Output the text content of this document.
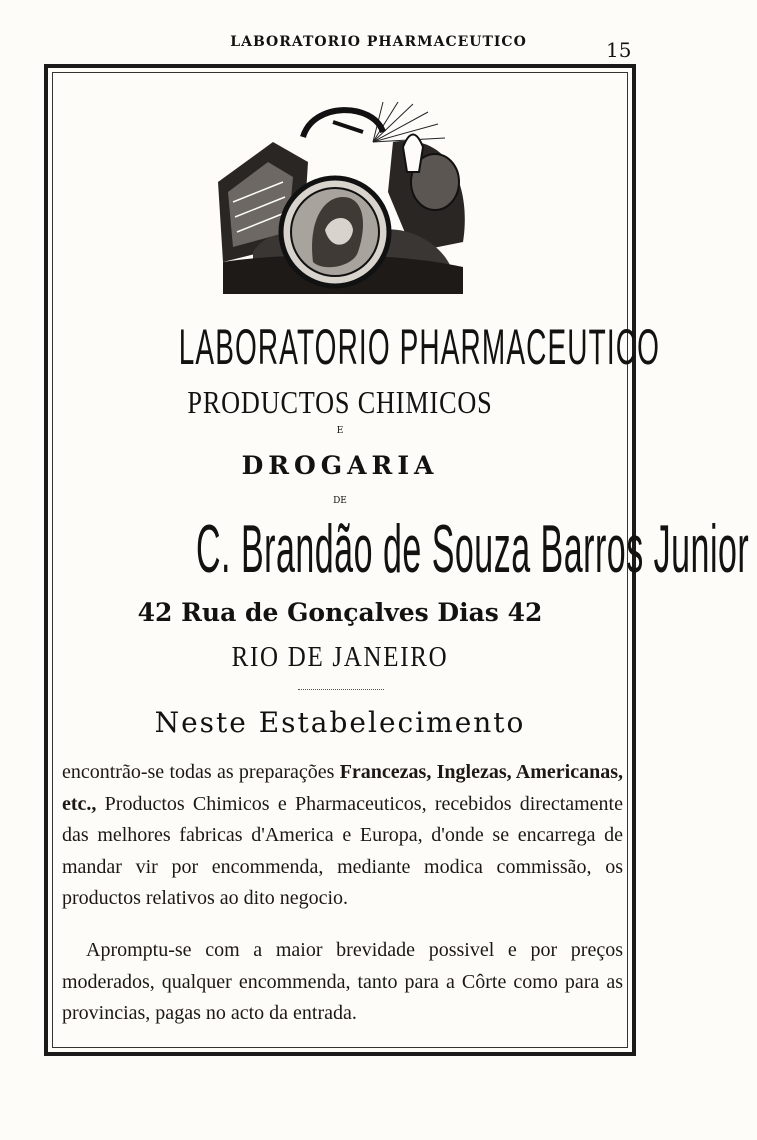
LABORATORIO PHARMACEUTICO	15
LABORATORIO PHARMACEUTICO
PRODUCTOS CHIMICOS
E
DROGARIA
DE
C. Brandão de Souza Barros Junior
42 Rua de Gonçalves Dias 42
RIO DE JANEIRO
Neste Estabelecimento
encontrão-se todas as preparações Francezas, Inglezas, Americanas, etc., Productos Chimicos e Pharmaceuticos, recebidos directamente das melhores fabricas d'America e Europa, d'onde se encarrega de mandar vir por encommenda, mediante modica commissão, os productos relativos ao dito negocio.
Apromptu-se com a maior brevidade possivel e por preços moderados, qualquer encommenda, tanto para a Côrte como para as provincias, pagas no acto da entrada.
